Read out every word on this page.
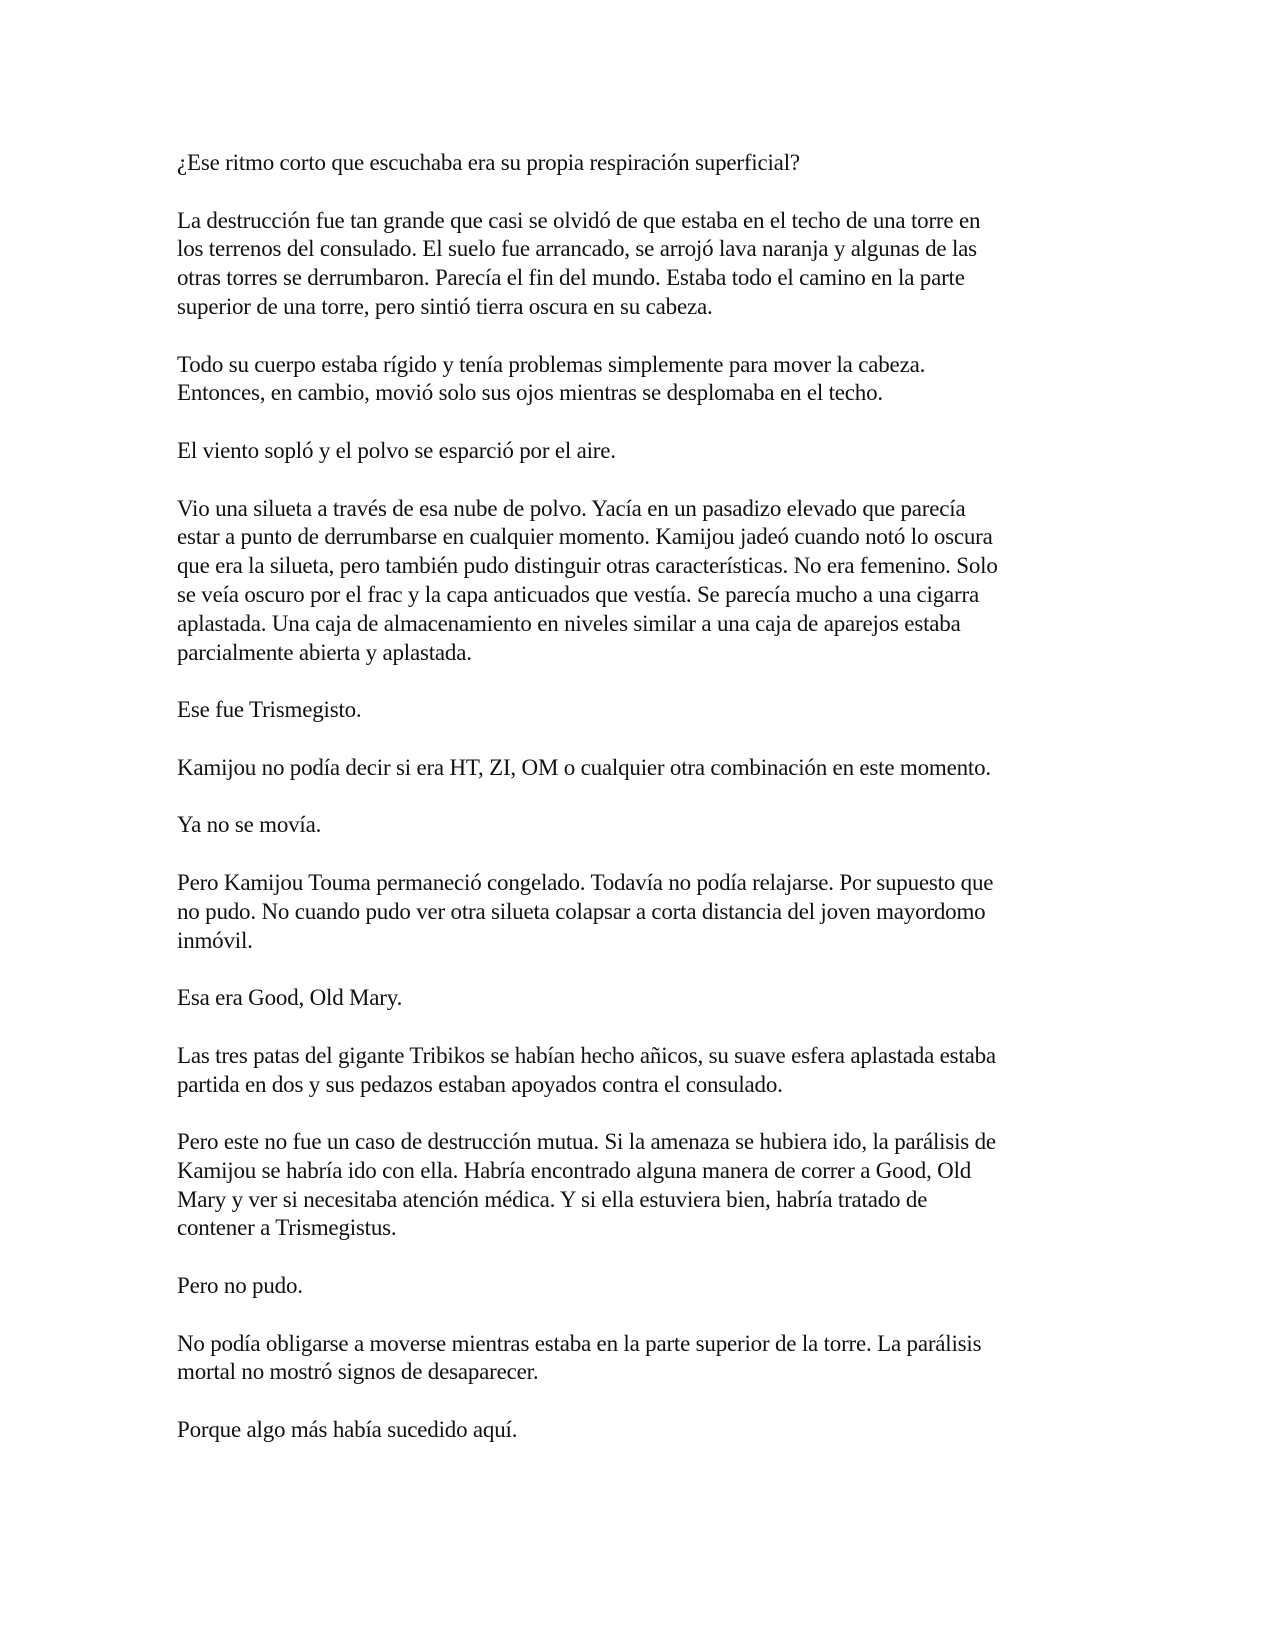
¿Ese ritmo corto que escuchaba era su propia respiración superficial?

La destrucción fue tan grande que casi se olvidó de que estaba en el techo de una torre en
los terrenos del consulado. El suelo fue arrancado, se arrojó lava naranja y algunas de las
otras torres se derrumbaron. Parecía el fin del mundo. Estaba todo el camino en la parte
superior de una torre, pero sintió tierra oscura en su cabeza.

Todo su cuerpo estaba rígido y tenía problemas simplemente para mover la cabeza.
Entonces, en cambio, movió solo sus ojos mientras se desplomaba en el techo.

El viento sopló y el polvo se esparció por el aire.

Vio una silueta a través de esa nube de polvo. Yacía en un pasadizo elevado que parecía
estar a punto de derrumbarse en cualquier momento. Kamijou jadeó cuando notó lo oscura
que era la silueta, pero también pudo distinguir otras características. No era femenino. Solo
se veía oscuro por el frac y la capa anticuados que vestía. Se parecía mucho a una cigarra
aplastada. Una caja de almacenamiento en niveles similar a una caja de aparejos estaba
parcialmente abierta y aplastada.

Ese fue Trismegisto.

Kamijou no podía decir si era HT, ZI, OM o cualquier otra combinación en este momento.

Ya no se movía.

Pero Kamijou Touma permaneció congelado. Todavía no podía relajarse. Por supuesto que
no pudo. No cuando pudo ver otra silueta colapsar a corta distancia del joven mayordomo
inmóvil.

Esa era Good, Old Mary.

Las tres patas del gigante Tribikos se habían hecho añicos, su suave esfera aplastada estaba
partida en dos y sus pedazos estaban apoyados contra el consulado.

Pero este no fue un caso de destrucción mutua. Si la amenaza se hubiera ido, la parálisis de
Kamijou se habría ido con ella. Habría encontrado alguna manera de correr a Good, Old
Mary y ver si necesitaba atención médica. Y si ella estuviera bien, habría tratado de
contener a Trismegistus.

Pero no pudo.

No podía obligarse a moverse mientras estaba en la parte superior de la torre. La parálisis
mortal no mostró signos de desaparecer.

Porque algo más había sucedido aquí.
